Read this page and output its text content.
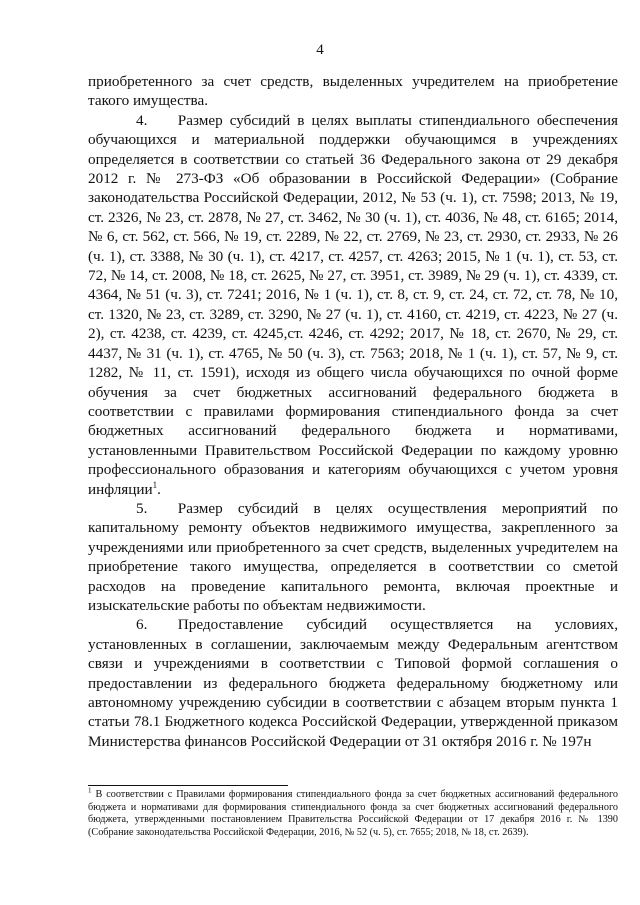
4

приобретенного за счет средств, выделенных учредителем на приобретение такого имущества.

4.  Размер субсидий в целях выплаты стипендиального обеспечения обучающихся и материальной поддержки обучающимся в учреждениях определяется в соответствии со статьей 36 Федерального закона от 29 декабря 2012 г. № 273-ФЗ «Об образовании в Российской Федерации» (Собрание законодательства Российской Федерации, 2012, № 53 (ч. 1), ст. 7598; 2013, № 19, ст. 2326, № 23, ст. 2878, № 27, ст. 3462, № 30 (ч. 1), ст. 4036, № 48, ст. 6165; 2014, № 6, ст. 562, ст. 566, № 19, ст. 2289, № 22, ст. 2769, № 23, ст. 2930, ст. 2933, № 26 (ч. 1), ст. 3388, № 30 (ч. 1), ст. 4217, ст. 4257, ст. 4263; 2015, № 1 (ч. 1), ст. 53, ст. 72, № 14, ст. 2008, № 18, ст. 2625, № 27, ст. 3951, ст. 3989, № 29 (ч. 1), ст. 4339, ст. 4364, № 51 (ч. 3), ст. 7241; 2016, № 1 (ч. 1), ст. 8, ст. 9, ст. 24, ст. 72, ст. 78, № 10, ст. 1320, № 23, ст. 3289, ст. 3290, № 27 (ч. 1), ст. 4160, ст. 4219, ст. 4223, № 27 (ч. 2), ст. 4238, ст. 4239, ст. 4245,ст. 4246, ст. 4292; 2017, № 18, ст. 2670, № 29, ст. 4437, № 31 (ч. 1), ст. 4765, № 50 (ч. 3), ст. 7563; 2018, № 1 (ч. 1), ст. 57, № 9, ст. 1282, № 11, ст. 1591), исходя из общего числа обучающихся по очной форме обучения за счет бюджетных ассигнований федерального бюджета в соответствии с правилами формирования стипендиального фонда за счет бюджетных ассигнований федерального бюджета и нормативами, установленными Правительством Российской Федерации по каждому уровню профессионального образования и категориям обучающихся с учетом уровня инфляции$^1$.

5.  Размер субсидий в целях осуществления мероприятий по капитальному ремонту объектов недвижимого имущества, закрепленного за учреждениями или приобретенного за счет средств, выделенных учредителем на приобретение такого имущества, определяется в соответствии со сметой расходов на проведение капитального ремонта, включая проектные и изыскательские работы по объектам недвижимости.

6.  Предоставление субсидий осуществляется на условиях, установленных в соглашении, заключаемым между Федеральным агентством связи и учреждениями в соответствии с Типовой формой соглашения о предоставлении из федерального бюджета федеральному бюджетному или автономному учреждению субсидии в соответствии с абзацем вторым пункта 1 статьи 78.1 Бюджетного кодекса Российской Федерации, утвержденной приказом Министерства финансов Российской Федерации от 31 октября 2016 г. № 197н

$^1$ В соответствии с Правилами формирования стипендиального фонда за счет бюджетных ассигнований федерального бюджета и нормативами для формирования стипендиального фонда за счет бюджетных ассигнований федерального бюджета, утвержденными постановлением Правительства Российской Федерации от 17 декабря 2016 г. № 1390 (Собрание законодательства Российской Федерации, 2016, № 52 (ч. 5), ст. 7655; 2018, № 18, ст. 2639).
